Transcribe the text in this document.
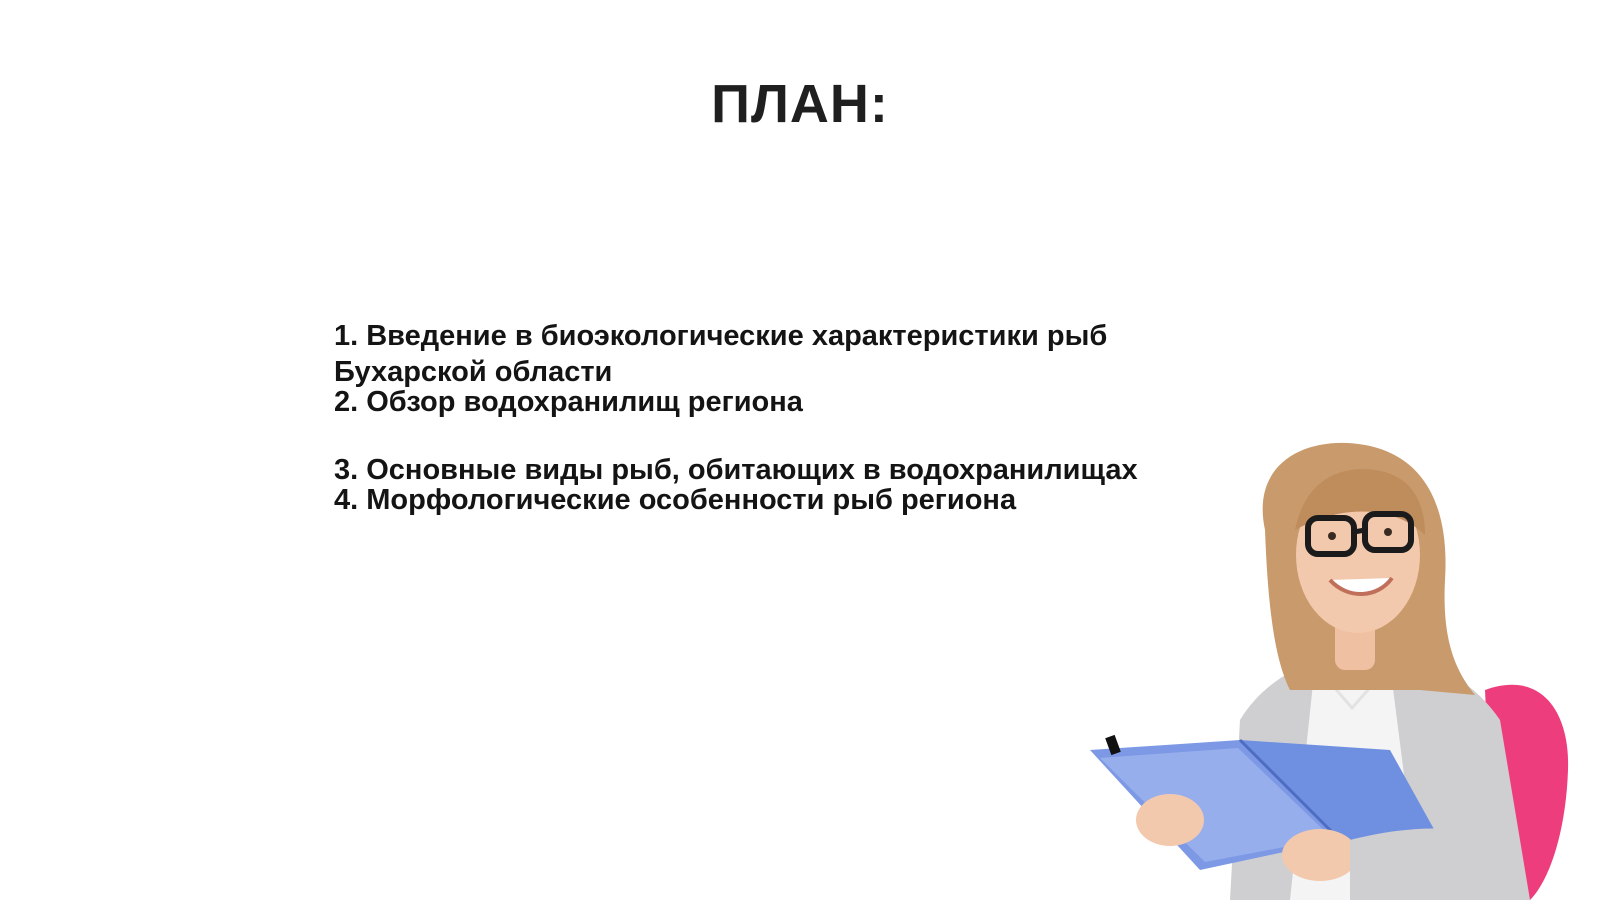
ПЛАН:
1. Введение в биоэкологические характеристики рыб Бухарской области
2. Обзор водохранилищ региона
3. Основные виды рыб, обитающих в водохранилищах
4. Морфологические особенности рыб региона
